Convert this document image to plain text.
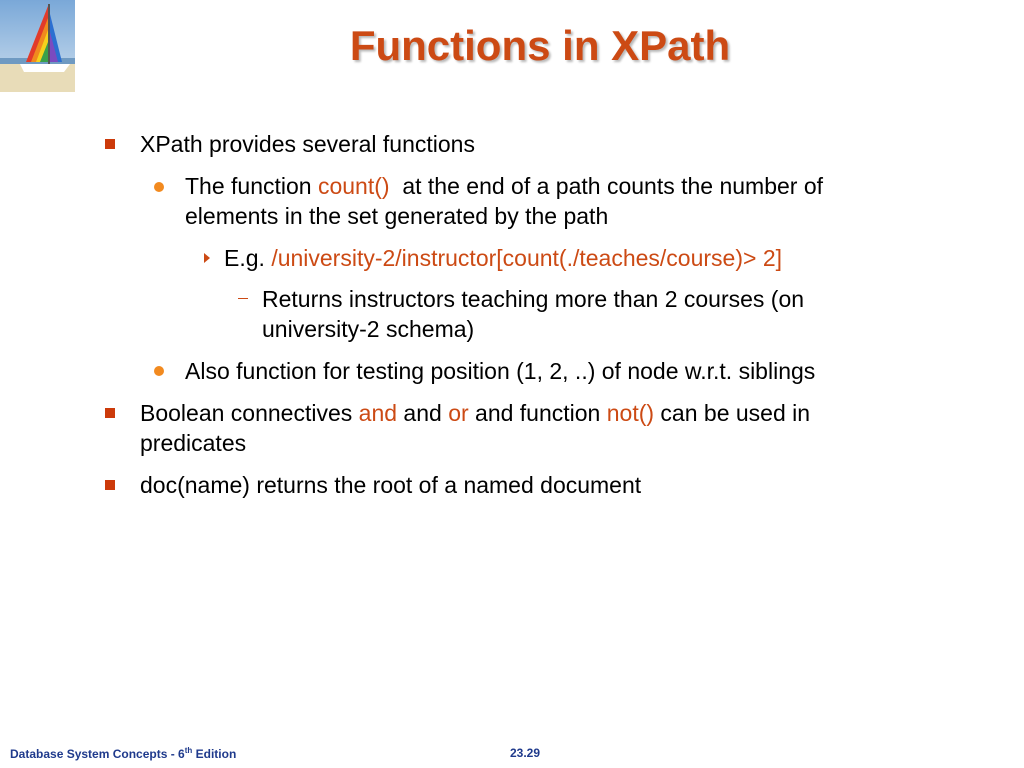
Functions in XPath
XPath provides several functions
The function count()  at the end of a path counts the number of
elements in the set generated by the path
E.g. /university-2/instructor[count(./teaches/course)> 2]
Returns instructors teaching more than 2 courses (on
university-2 schema)
Also function for testing position (1, 2, ..) of node w.r.t. siblings
Boolean connectives and and or and function not() can be used in
predicates
doc(name) returns the root of a named document
Database System Concepts - 6th Edition	23.29
